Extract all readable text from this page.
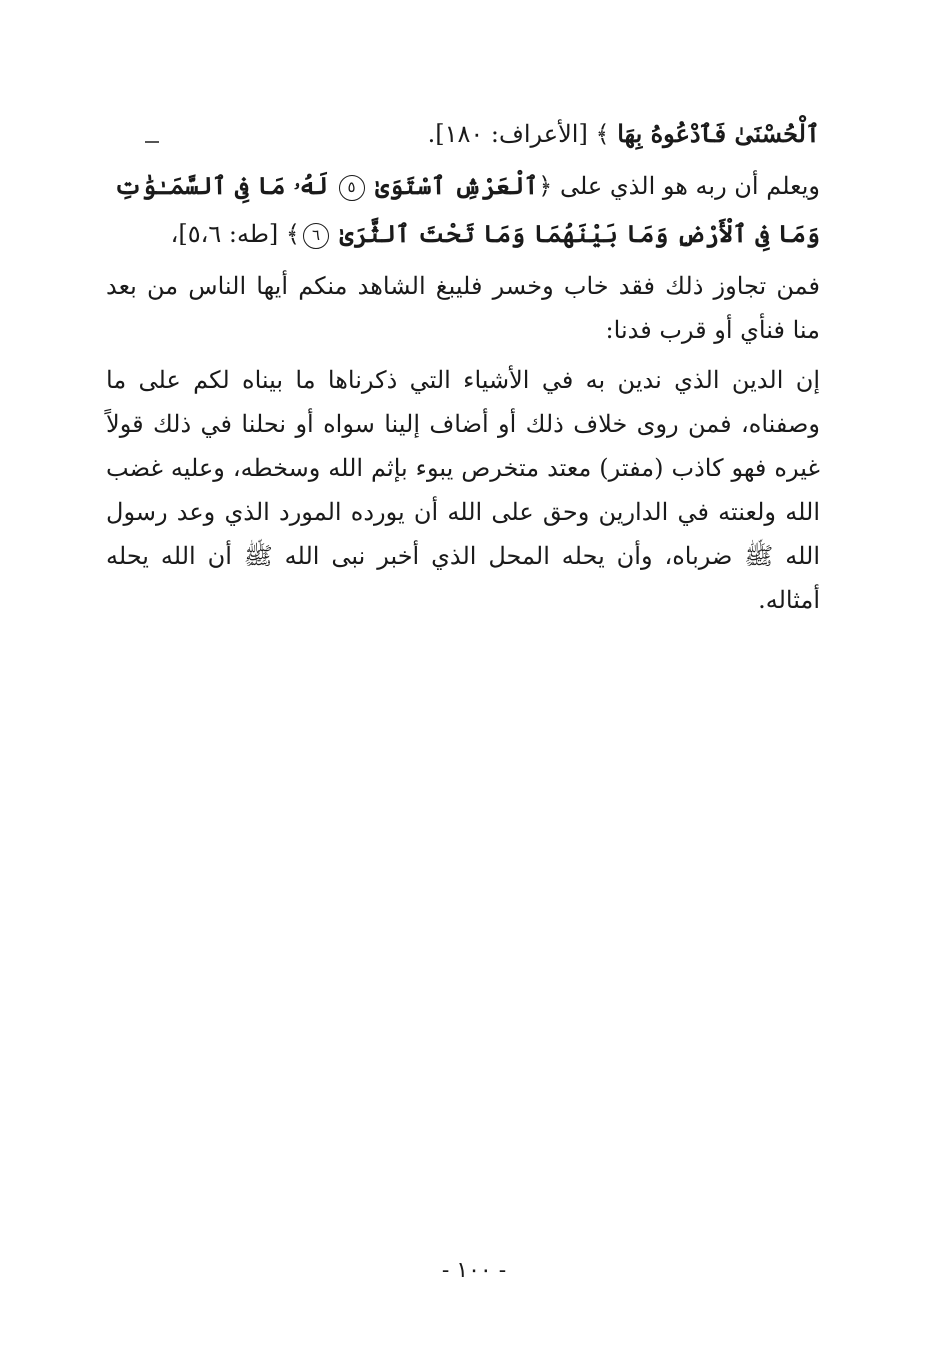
ٱلْحُسْنَىٰ فَٱدْعُوهُ بِهَا ﴾ [الأعراف: ١٨٠].

ويعلم أن ربه هو الذي على ﴿ٱلْعَرْشِ ٱسْتَوَىٰ ٥ لَهُۥ مَا فِى ٱلسَّمَـٰوَٰتِ

وَمَا فِى ٱلْأَرْضِ وَمَا بَيْنَهُمَا وَمَا تَحْتَ ٱلثَّرَىٰ ٦﴾ [طه: ٥،٦]،

فمن تجاوز ذلك فقد خاب وخسر فليبغ الشاهد منكم أيها الناس من بعد منا فنأي أو قرب فدنا:

إن الدين الذي ندين به في الأشياء التي ذكرناها ما بيناه لكم على ما وصفناه، فمن روى خلاف ذلك أو أضاف إلينا سواه أو نحلنا في ذلك قولاً غيره فهو كاذب (مفتر) معتد متخرص يبوء بإثم الله وسخطه، وعليه غضب الله ولعنته في الدارين وحق على الله أن يورده المورد الذي وعد رسول الله ﷺ ضرباه، وأن يحله المحل الذي أخبر نبى الله ﷺ أن الله يحله أمثاله.

- ١٠٠ -
